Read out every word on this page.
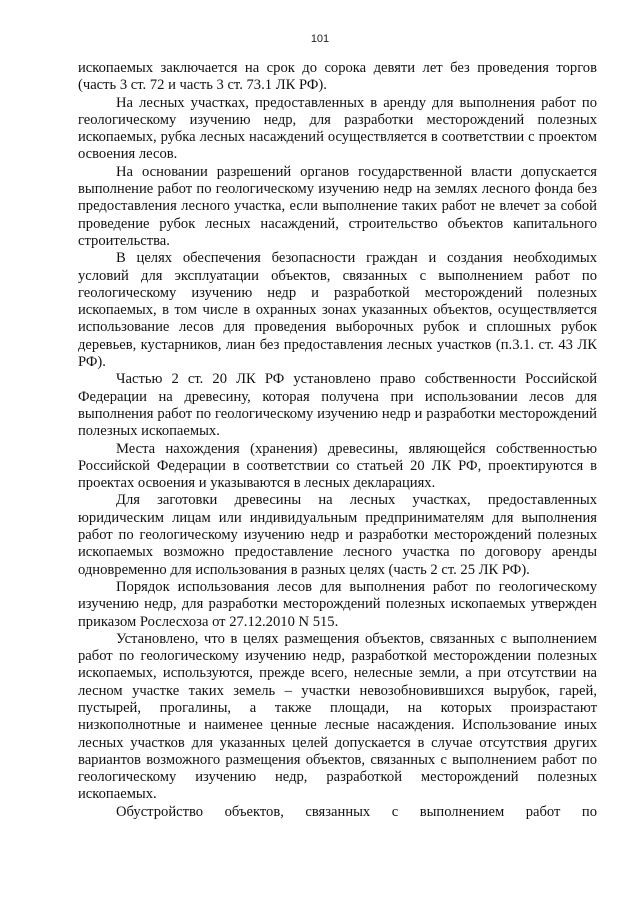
101

ископаемых заключается на срок до сорока девяти лет без проведения торгов (часть 3 ст. 72 и часть 3 ст. 73.1 ЛК РФ).

На лесных участках, предоставленных в аренду для выполнения работ по геологическому изучению недр, для разработки месторождений полезных ископаемых, рубка лесных насаждений осуществляется в соответствии с проектом освоения лесов.

На основании разрешений органов государственной власти допускается выполнение работ по геологическому изучению недр на землях лесного фонда без предоставления лесного участка, если выполнение таких работ не влечет за собой проведение рубок лесных насаждений, строительство объектов капитального строительства.

В целях обеспечения безопасности граждан и создания необходимых условий для эксплуатации объектов, связанных с выполнением работ по геологическому изучению недр и разработкой месторождений полезных ископаемых, в том числе в охранных зонах указанных объектов, осуществляется использование лесов для проведения выборочных рубок и сплошных рубок деревьев, кустарников, лиан без предоставления лесных участков (п.3.1. ст. 43 ЛК РФ).

Частью 2 ст. 20 ЛК РФ установлено право собственности Российской Федерации на древесину, которая получена при использовании лесов для выполнения работ по геологическому изучению недр и разработки месторождений полезных ископаемых.

Места нахождения (хранения) древесины, являющейся собственностью Российской Федерации в соответствии со статьей 20 ЛК РФ, проектируются в проектах освоения и указываются в лесных декларациях.

Для заготовки древесины на лесных участках, предоставленных юридическим лицам или индивидуальным предпринимателям для выполнения работ по геологическому изучению недр и разработки месторождений полезных ископаемых возможно предоставление лесного участка по договору аренды одновременно для использования в разных целях (часть 2 ст. 25 ЛК РФ).

Порядок использования лесов для выполнения работ по геологическому изучению недр, для разработки месторождений полезных ископаемых утвержден приказом Рослесхоза от 27.12.2010 N 515.

Установлено, что в целях размещения объектов, связанных с выполнением работ по геологическому изучению недр, разработкой месторождении полезных ископаемых, используются, прежде всего, нелесные земли, а при отсутствии на лесном участке таких земель – участки невозобновившихся вырубок, гарей, пустырей, прогалины, а также площади, на которых произрастают низкополнотные и наименее ценные лесные насаждения. Использование иных лесных участков для указанных целей допускается в случае отсутствия других вариантов возможного размещения объектов, связанных с выполнением работ по геологическому изучению недр, разработкой месторождений полезных ископаемых.

Обустройство объектов, связанных с выполнением работ по
